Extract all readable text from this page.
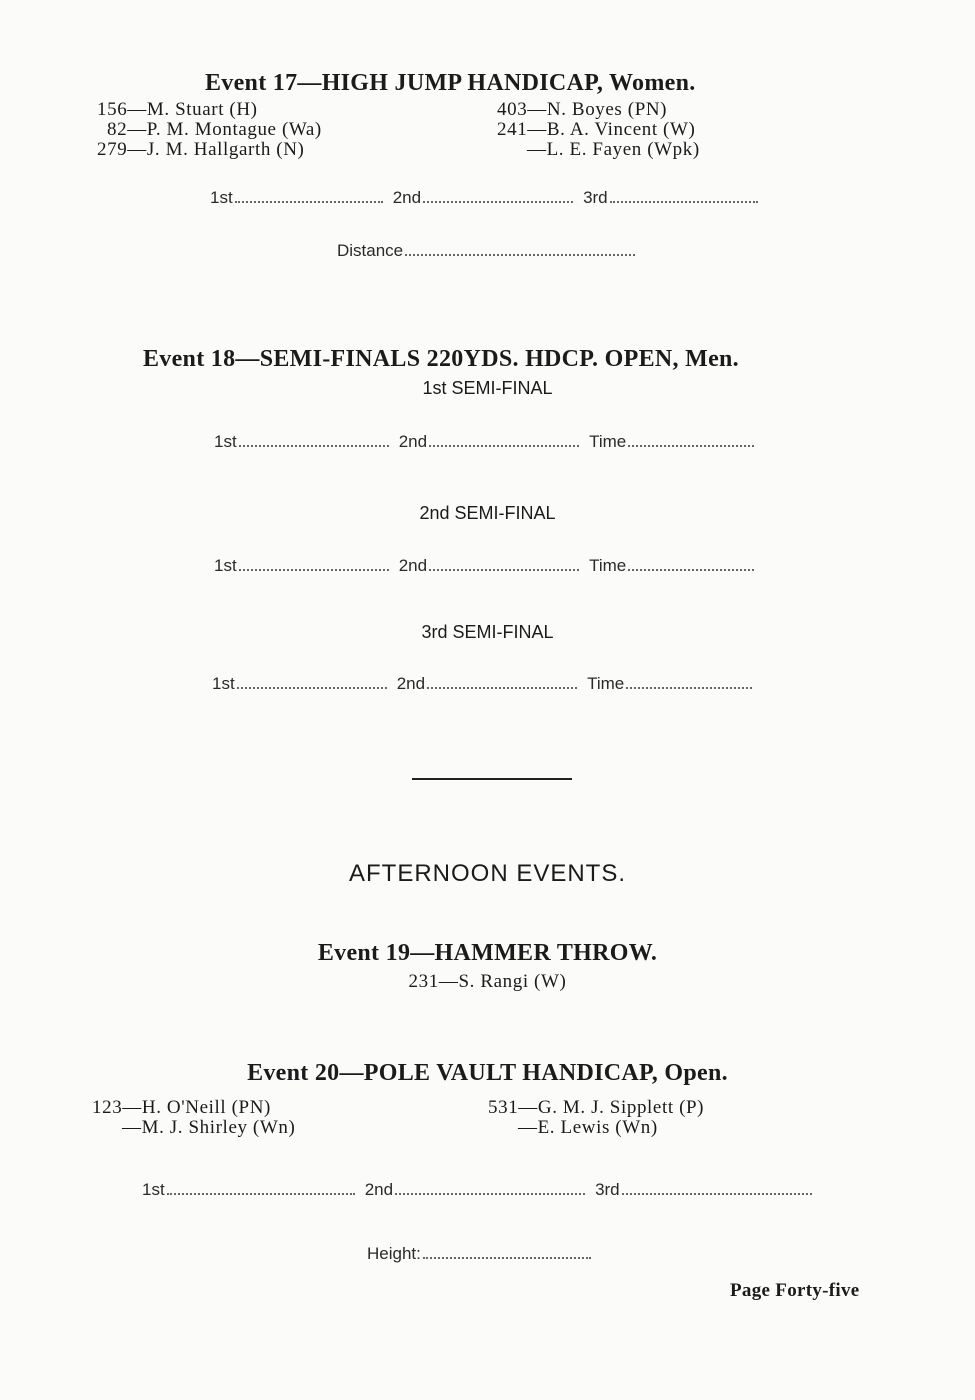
Event 17—HIGH JUMP HANDICAP, Women.
156—M. Stuart (H)
82—P. M. Montague (Wa)
279—J. M. Hallgarth (N)
403—N. Boyes (PN)
241—B. A. Vincent (W)
—L. E. Fayen (Wpk)
1st	2nd	3rd
Distance
Event 18—SEMI-FINALS 220YDS. HDCP. OPEN, Men.
1st SEMI-FINAL
1st	2nd	Time
2nd SEMI-FINAL
1st	2nd	Time
3rd SEMI-FINAL
1st	2nd	Time
AFTERNOON EVENTS.
Event 19—HAMMER THROW.
231—S. Rangi (W)
Event 20—POLE VAULT HANDICAP, Open.
123—H. O'Neill (PN)
—M. J. Shirley (Wn)
531—G. M. J. Sipplett (P)
—E. Lewis (Wn)
1st	2nd	3rd
Height:
Page Forty-five
